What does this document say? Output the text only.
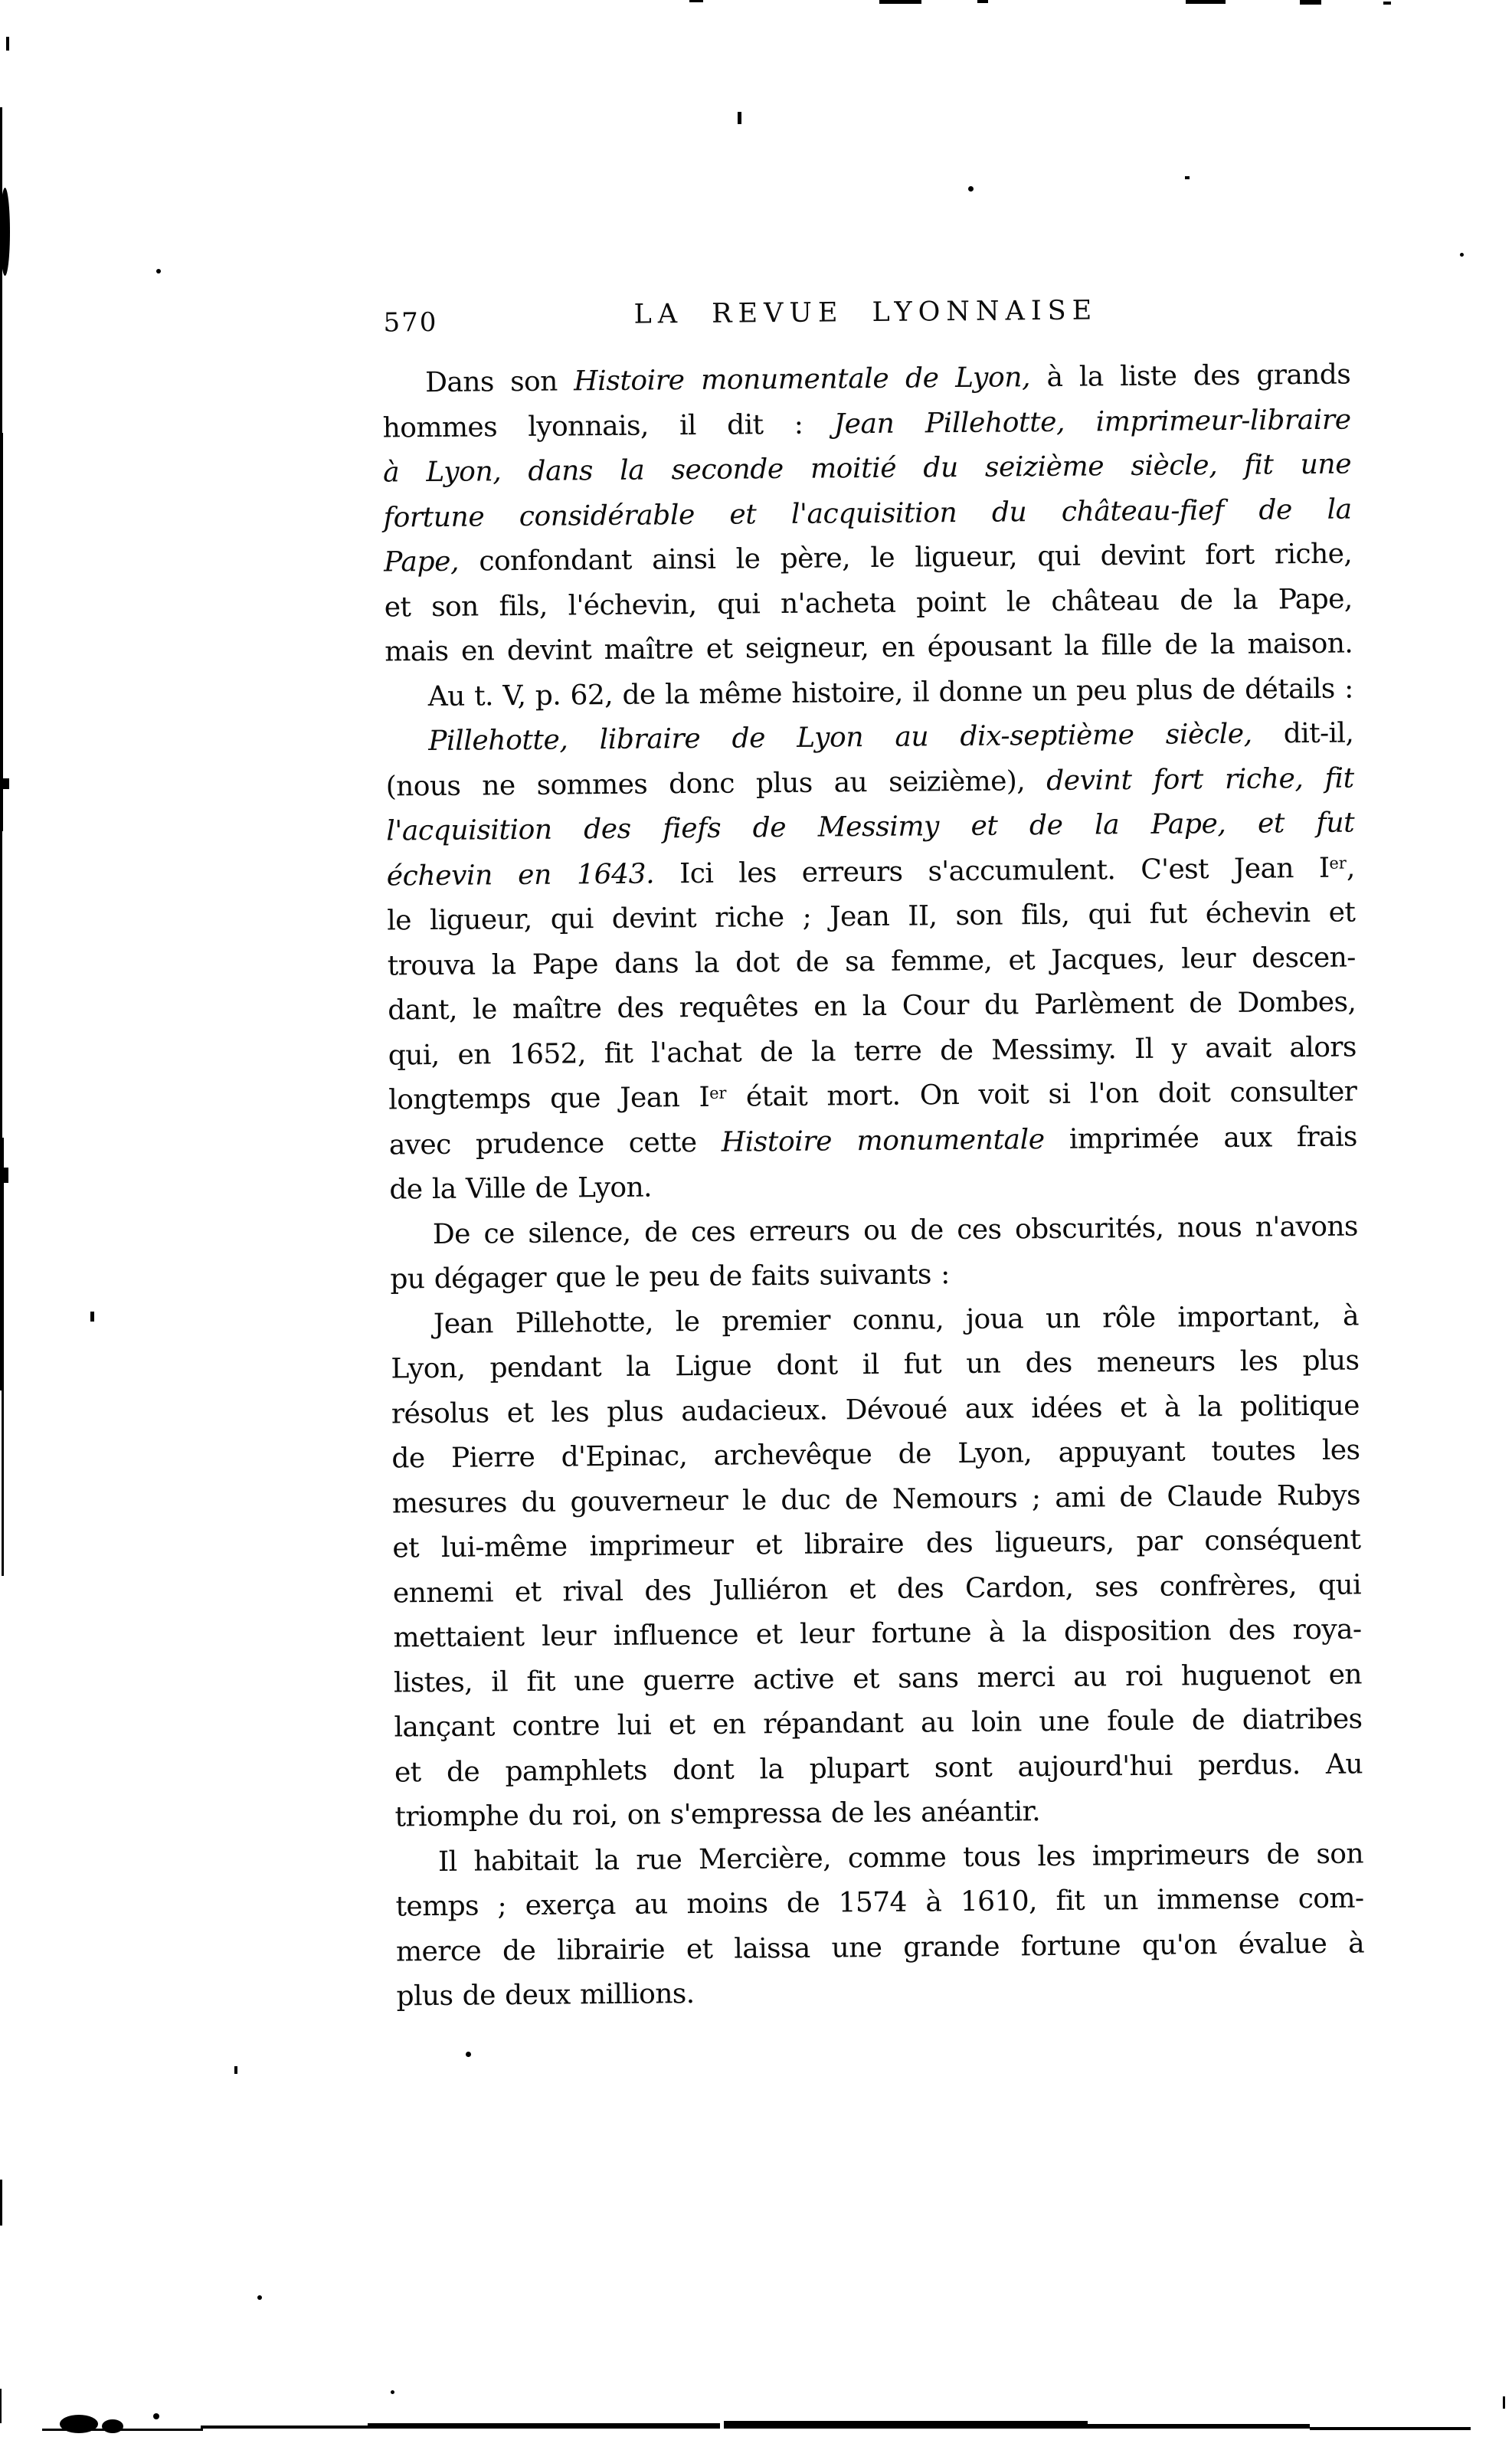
570	LA REVUE LYONNAISE
Dans son Histoire monumentale de Lyon, à la liste des grands
hommes lyonnais, il dit : Jean Pillehotte, imprimeur-libraire
à Lyon, dans la seconde moitié du seizième siècle, fit une
fortune considérable et l'acquisition du château-fief de la
Pape, confondant ainsi le père, le ligueur, qui devint fort riche,
et son fils, l'échevin, qui n'acheta point le château de la Pape,
mais en devint maître et seigneur, en épousant la fille de la maison.
Au t. V, p. 62, de la même histoire, il donne un peu plus de détails :
Pillehotte, libraire de Lyon au dix-septième siècle, dit-il,
(nous ne sommes donc plus au seizième), devint fort riche, fit
l'acquisition des fiefs de Messimy et de la Pape, et fut
échevin en 1643. Ici les erreurs s'accumulent. C'est Jean Ier,
le ligueur, qui devint riche ; Jean II, son fils, qui fut échevin et
trouva la Pape dans la dot de sa femme, et Jacques, leur descen-
dant, le maître des requêtes en la Cour du Parlèment de Dombes,
qui, en 1652, fit l'achat de la terre de Messimy. Il y avait alors
longtemps que Jean Ier était mort. On voit si l'on doit consulter
avec prudence cette Histoire monumentale imprimée aux frais
de la Ville de Lyon.
De ce silence, de ces erreurs ou de ces obscurités, nous n'avons
pu dégager que le peu de faits suivants :
Jean Pillehotte, le premier connu, joua un rôle important, à
Lyon, pendant la Ligue dont il fut un des meneurs les plus
résolus et les plus audacieux. Dévoué aux idées et à la politique
de Pierre d'Epinac, archevêque de Lyon, appuyant toutes les
mesures du gouverneur le duc de Nemours ; ami de Claude Rubys
et lui-même imprimeur et libraire des ligueurs, par conséquent
ennemi et rival des Julliéron et des Cardon, ses confrères, qui
mettaient leur influence et leur fortune à la disposition des roya-
listes, il fit une guerre active et sans merci au roi huguenot en
lançant contre lui et en répandant au loin une foule de diatribes
et de pamphlets dont la plupart sont aujourd'hui perdus. Au
triomphe du roi, on s'empressa de les anéantir.
Il habitait la rue Mercière, comme tous les imprimeurs de son
temps ; exerça au moins de 1574 à 1610, fit un immense com-
merce de librairie et laissa une grande fortune qu'on évalue à
plus de deux millions.
